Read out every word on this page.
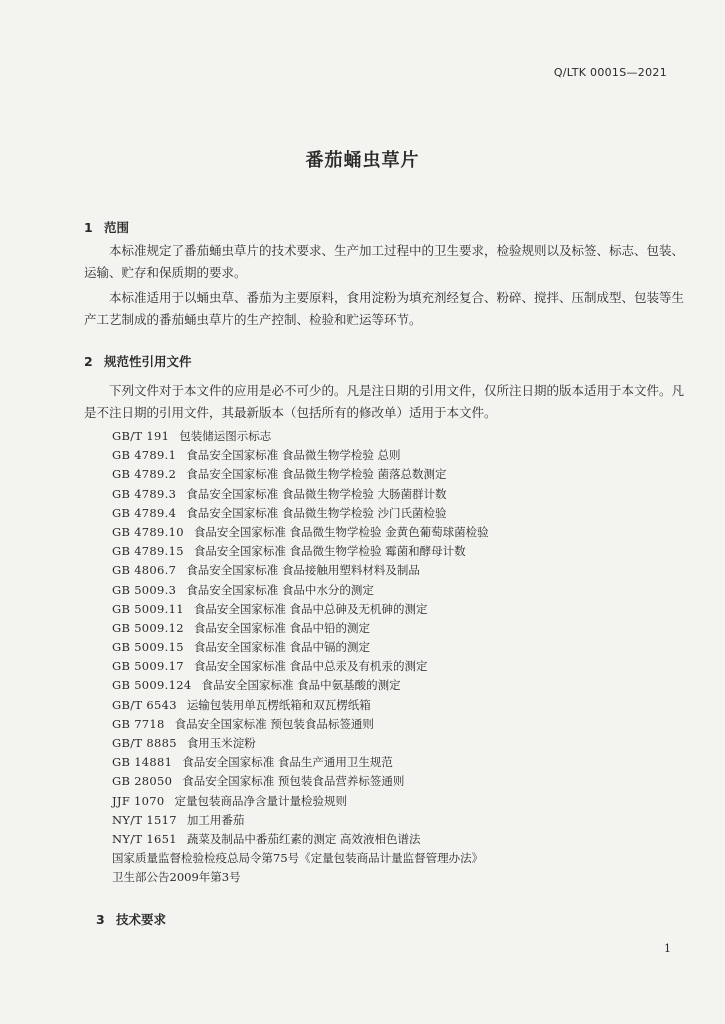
Q/LTK 0001S—2021
番茄蛹虫草片
1 范围
本标准规定了番茄蛹虫草片的技术要求、生产加工过程中的卫生要求，检验规则以及标签、标志、包装、运输、贮存和保质期的要求。
本标准适用于以蛹虫草、番茄为主要原料，食用淀粉为填充剂经复合、粉碎、搅拌、压制成型、包装等生产工艺制成的番茄蛹虫草片的生产控制、检验和贮运等环节。
2 规范性引用文件
下列文件对于本文件的应用是必不可少的。凡是注日期的引用文件，仅所注日期的版本适用于本文件。凡是不注日期的引用文件，其最新版本（包括所有的修改单）适用于本文件。
GB/T 191 包装储运图示标志
GB 4789.1 食品安全国家标准 食品微生物学检验 总则
GB 4789.2 食品安全国家标准 食品微生物学检验 菌落总数测定
GB 4789.3 食品安全国家标准 食品微生物学检验 大肠菌群计数
GB 4789.4 食品安全国家标准 食品微生物学检验 沙门氏菌检验
GB 4789.10 食品安全国家标准 食品微生物学检验 金黄色葡萄球菌检验
GB 4789.15 食品安全国家标准 食品微生物学检验 霉菌和酵母计数
GB 4806.7 食品安全国家标准 食品接触用塑料材料及制品
GB 5009.3 食品安全国家标准 食品中水分的测定
GB 5009.11 食品安全国家标准 食品中总砷及无机砷的测定
GB 5009.12 食品安全国家标准 食品中铅的测定
GB 5009.15 食品安全国家标准 食品中镉的测定
GB 5009.17 食品安全国家标准 食品中总汞及有机汞的测定
GB 5009.124 食品安全国家标准 食品中氨基酸的测定
GB/T 6543 运输包装用单瓦楞纸箱和双瓦楞纸箱
GB 7718 食品安全国家标准 预包装食品标签通则
GB/T 8885 食用玉米淀粉
GB 14881 食品安全国家标准 食品生产通用卫生规范
GB 28050 食品安全国家标准 预包装食品营养标签通则
JJF 1070 定量包装商品净含量计量检验规则
NY/T 1517 加工用番茄
NY/T 1651 蔬菜及制品中番茄红素的测定 高效液相色谱法
国家质量监督检验检疫总局令第75号《定量包装商品计量监督管理办法》
卫生部公告2009年第3号
3 技术要求
1
